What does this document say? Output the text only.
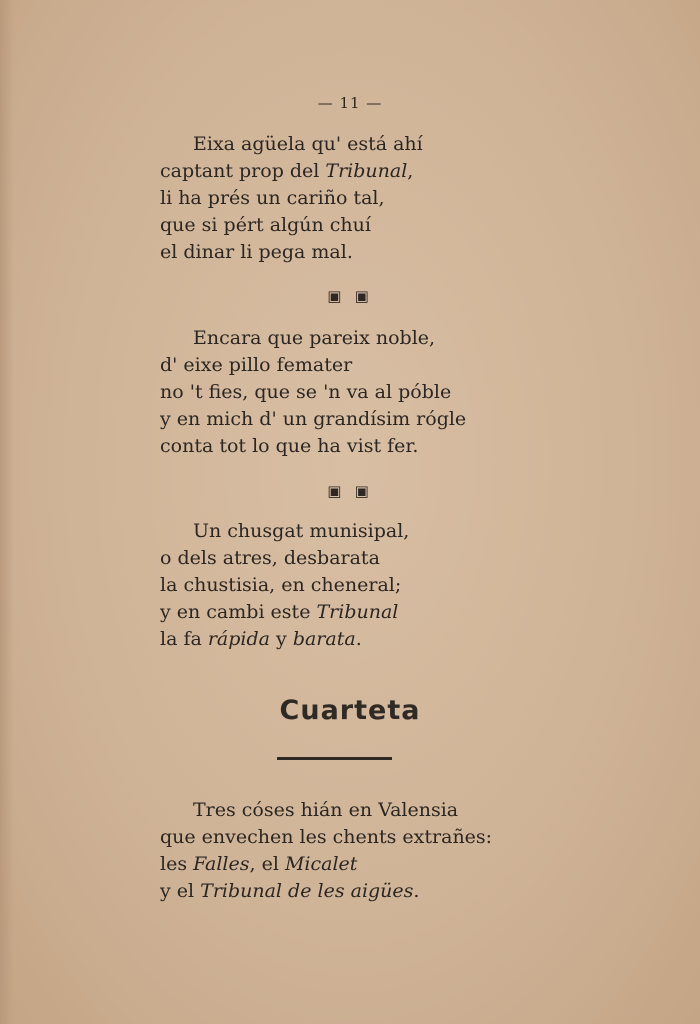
— 11 —
Eixa agüela qu' está ahí
captant prop del Tribunal,
li ha prés un cariño tal,
que si pért algún chuí
el dinar li pega mal.
▣ ▣
Encara que pareix noble,
d' eixe pillo femater
no 't fies, que se 'n va al póble
y en mich d' un grandísim rógle
conta tot lo que ha vist fer.
▣ ▣
Un chusgat munisipal,
o dels atres, desbarata
la chustisia, en cheneral;
y en cambi este Tribunal
la fa rápida y barata.
Cuarteta
Tres cóses hián en Valensia
que envechen les chents extrañes:
les Falles, el Micalet
y el Tribunal de les aigües.
